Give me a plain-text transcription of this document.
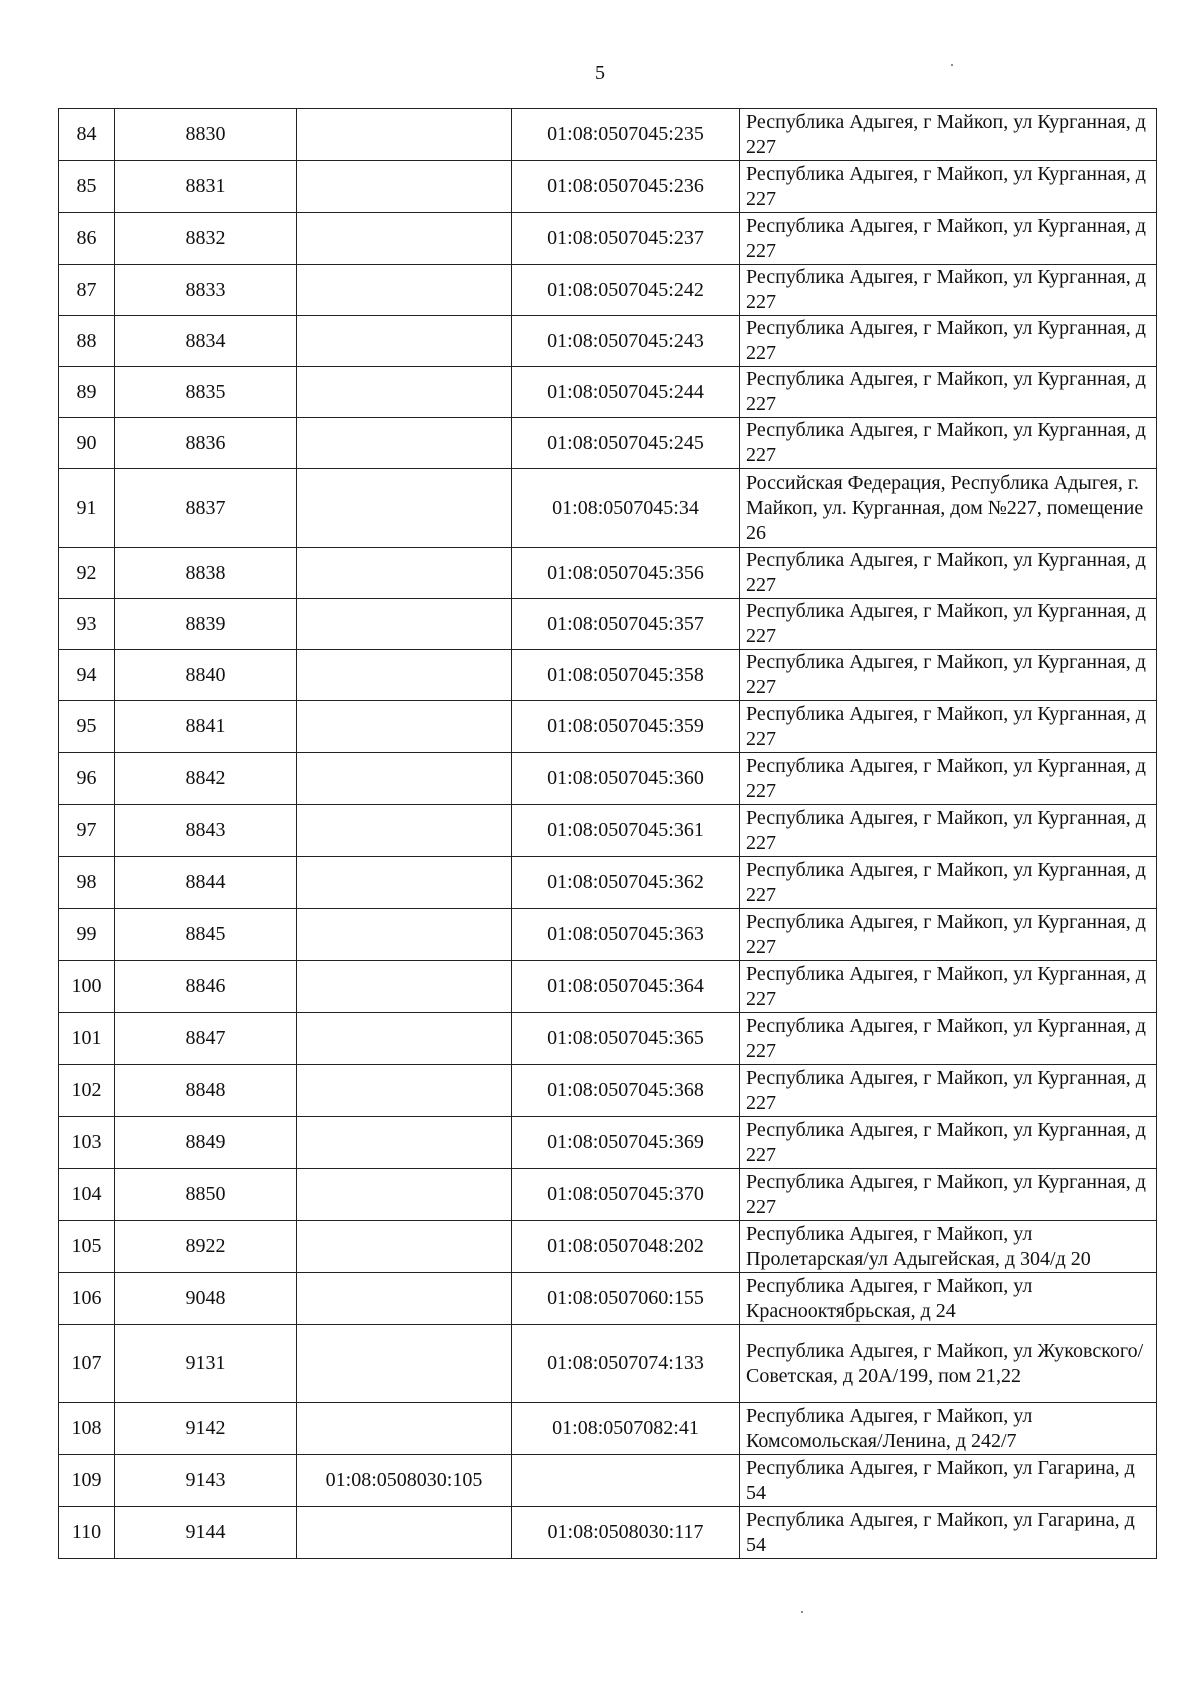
5
84	8830		01:08:0507045:235	Республика Адыгея, г Майкоп, ул Курганная, д 227
85	8831		01:08:0507045:236	Республика Адыгея, г Майкоп, ул Курганная, д 227
86	8832		01:08:0507045:237	Республика Адыгея, г Майкоп, ул Курганная, д 227
87	8833		01:08:0507045:242	Республика Адыгея, г Майкоп, ул Курганная, д 227
88	8834		01:08:0507045:243	Республика Адыгея, г Майкоп, ул Курганная, д 227
89	8835		01:08:0507045:244	Республика Адыгея, г Майкоп, ул Курганная, д 227
90	8836		01:08:0507045:245	Республика Адыгея, г Майкоп, ул Курганная, д 227
91	8837		01:08:0507045:34	Российская Федерация, Республика Адыгея, г. Майкоп, ул. Курганная, дом №227, помещение 26
92	8838		01:08:0507045:356	Республика Адыгея, г Майкоп, ул Курганная, д 227
93	8839		01:08:0507045:357	Республика Адыгея, г Майкоп, ул Курганная, д 227
94	8840		01:08:0507045:358	Республика Адыгея, г Майкоп, ул Курганная, д 227
95	8841		01:08:0507045:359	Республика Адыгея, г Майкоп, ул Курганная, д 227
96	8842		01:08:0507045:360	Республика Адыгея, г Майкоп, ул Курганная, д 227
97	8843		01:08:0507045:361	Республика Адыгея, г Майкоп, ул Курганная, д 227
98	8844		01:08:0507045:362	Республика Адыгея, г Майкоп, ул Курганная, д 227
99	8845		01:08:0507045:363	Республика Адыгея, г Майкоп, ул Курганная, д 227
100	8846		01:08:0507045:364	Республика Адыгея, г Майкоп, ул Курганная, д 227
101	8847		01:08:0507045:365	Республика Адыгея, г Майкоп, ул Курганная, д 227
102	8848		01:08:0507045:368	Республика Адыгея, г Майкоп, ул Курганная, д 227
103	8849		01:08:0507045:369	Республика Адыгея, г Майкоп, ул Курганная, д 227
104	8850		01:08:0507045:370	Республика Адыгея, г Майкоп, ул Курганная, д 227
105	8922		01:08:0507048:202	Республика Адыгея, г Майкоп, ул Пролетарская/ул Адыгейская, д 304/д 20
106	9048		01:08:0507060:155	Республика Адыгея, г Майкоп, ул Краснооктябрьская, д 24
107	9131		01:08:0507074:133	Республика Адыгея, г Майкоп, ул Жуковского/Советская, д 20А/199, пом 21,22
108	9142		01:08:0507082:41	Республика Адыгея, г Майкоп, ул Комсомольская/Ленина, д 242/7
109	9143	01:08:0508030:105		Республика Адыгея, г Майкоп, ул Гагарина, д 54
110	9144		01:08:0508030:117	Республика Адыгея, г Майкоп, ул Гагарина, д 54
